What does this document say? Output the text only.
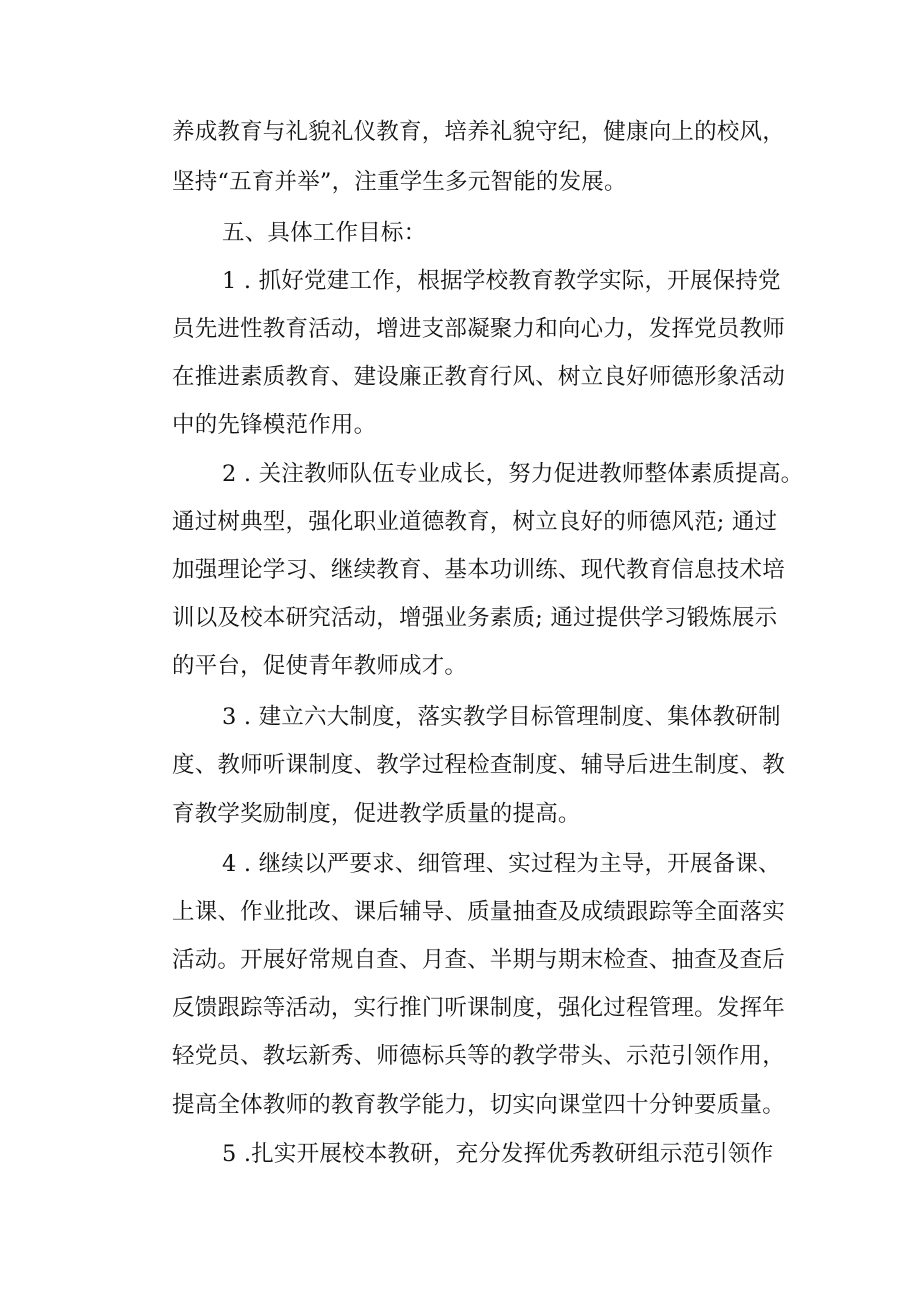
养成教育与礼貌礼仪教育，培养礼貌守纪，健康向上的校风，
坚持“五育并举”，注重学生多元智能的发展。
五、具体工作目标：
1 . 抓好党建工作，根据学校教育教学实际，开展保持党
员先进性教育活动，增进支部凝聚力和向心力，发挥党员教师
在推进素质教育、建设廉正教育行风、树立良好师德形象活动
中的先锋模范作用。
2 . 关注教师队伍专业成长，努力促进教师整体素质提高。
通过树典型，强化职业道德教育，树立良好的师德风范; 通过
加强理论学习、继续教育、基本功训练、现代教育信息技术培
训以及校本研究活动，增强业务素质; 通过提供学习锻炼展示
的平台，促使青年教师成才。
3 . 建立六大制度，落实教学目标管理制度、集体教研制
度、教师听课制度、教学过程检查制度、辅导后进生制度、教
育教学奖励制度，促进教学质量的提高。
4 . 继续以严要求、细管理、实过程为主导，开展备课、
上课、作业批改、课后辅导、质量抽查及成绩跟踪等全面落实
活动。开展好常规自查、月查、半期与期末检查、抽查及查后
反馈跟踪等活动，实行推门听课制度，强化过程管理。发挥年
轻党员、教坛新秀、师德标兵等的教学带头、示范引领作用，
提高全体教师的教育教学能力，切实向课堂四十分钟要质量。
5 .扎实开展校本教研，充分发挥优秀教研组示范引领作
